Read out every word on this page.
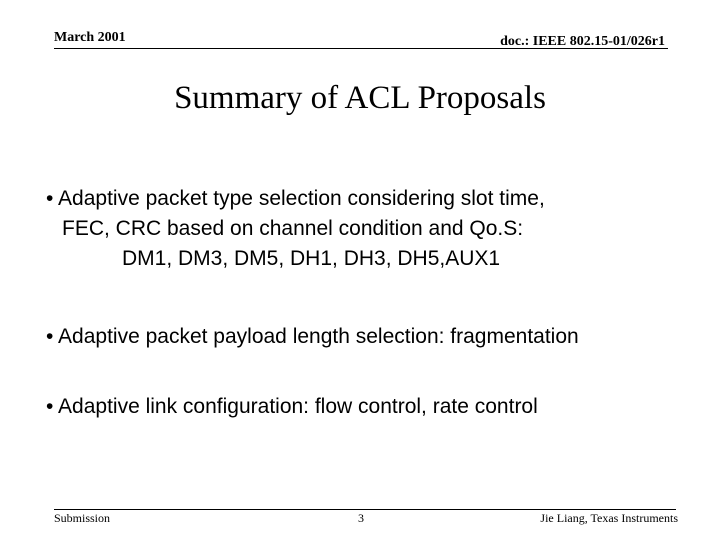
March 2001	doc.: IEEE 802.15-01/026r1
Summary of ACL Proposals
• Adaptive packet type selection considering slot time,
FEC, CRC based on channel condition and Qo.S:
DM1, DM3, DM5, DH1, DH3, DH5,AUX1
• Adaptive packet payload length selection: fragmentation
• Adaptive link configuration: flow control, rate control
Submission	3	Jie Liang, Texas Instruments
